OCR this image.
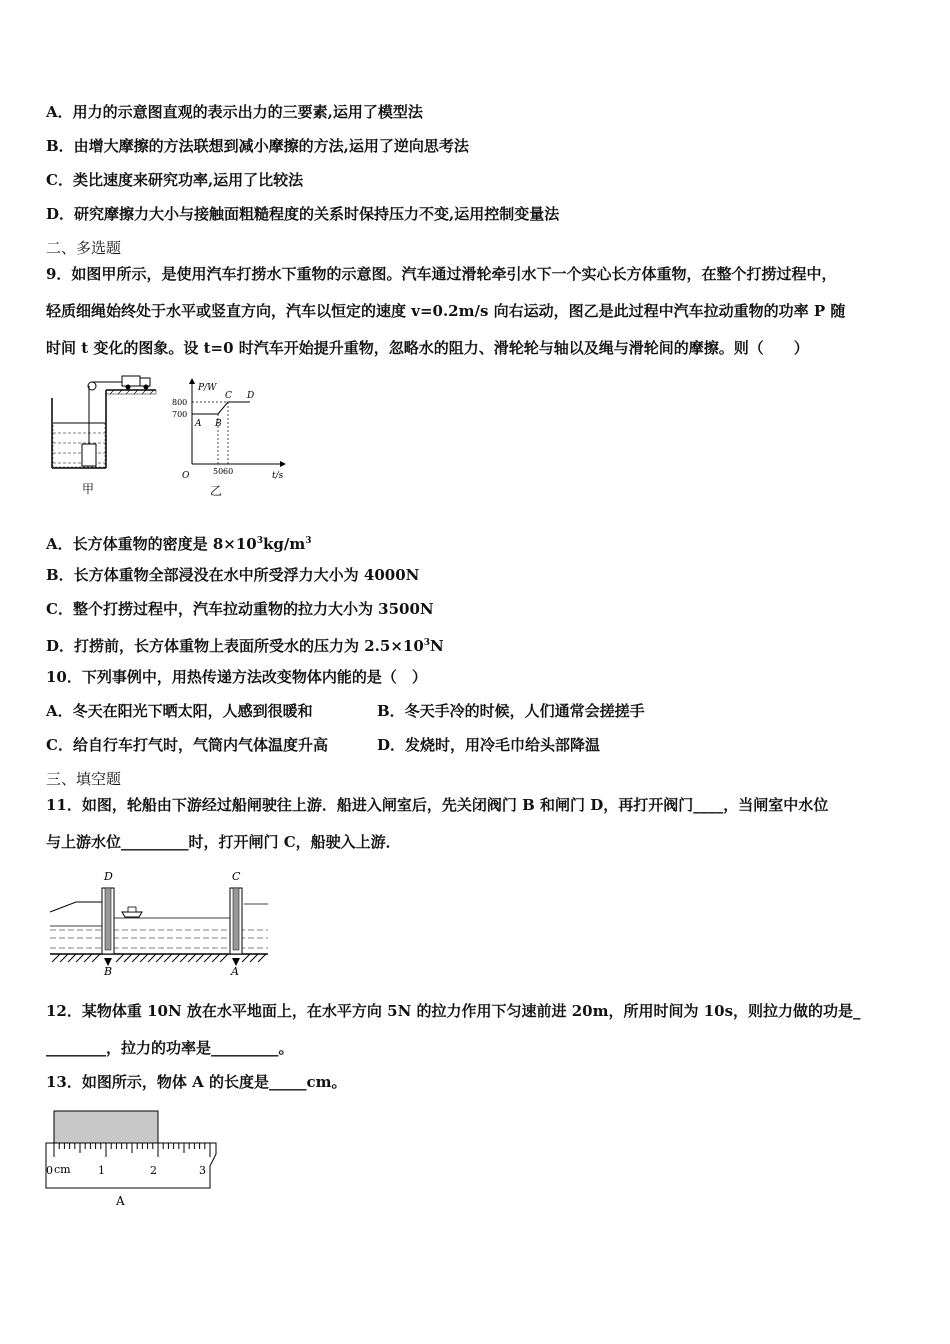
A．用力的示意图直观的表示出力的三要素,运用了模型法
B．由增大摩擦的方法联想到减小摩擦的方法,运用了逆向思考法
C．类比速度来研究功率,运用了比较法
D．研究摩擦力大小与接触面粗糙程度的关系时保持压力不变,运用控制变量法
二、多选题
9．如图甲所示，是使用汽车打捞水下重物的示意图。汽车通过滑轮牵引水下一个实心长方体重物，在整个打捞过程中，
轻质细绳始终处于水平或竖直方向，汽车以恒定的速度 v=0.2m/s 向右运动，图乙是此过程中汽车拉动重物的功率 P 随
时间 t 变化的图象。设 t=0 时汽车开始提升重物，忽略水的阻力、滑轮轮与轴以及绳与滑轮间的摩擦。则（　　）
甲
P/W
t/s
O
A B
C D
800
700
50 60
乙
A．长方体重物的密度是 $8\times 10^3kg/m^3$
B．长方体重物全部浸没在水中所受浮力大小为 4000N
C．整个打捞过程中，汽车拉动重物的拉力大小为 3500N
D．打捞前，长方体重物上表面所受水的压力为 $2.5\times 10^3N$
10．下列事例中，用热传递方法改变物体内能的是（　）
A．冬天在阳光下晒太阳，人感到很暖和	B．冬天手冷的时候，人们通常会搓搓手
C．给自行车打气时，气筒内气体温度升高	D．发烧时，用冷毛巾给头部降温
三、填空题
11．如图，轮船由下游经过船闸驶往上游．船进入闸室后，先关闭阀门 B 和闸门 D，再打开阀门____，当闸室中水位
与上游水位_________时，打开闸门 C，船驶入上游．
D	C
B	A
12．某物体重 10N 放在水平地面上，在水平方向 5N 的拉力作用下匀速前进 20m，所用时间为 10s，则拉力做的功是_
________，拉力的功率是_________。
13．如图所示，物体 A 的长度是_____cm。
cm
0	1	2	3
A
